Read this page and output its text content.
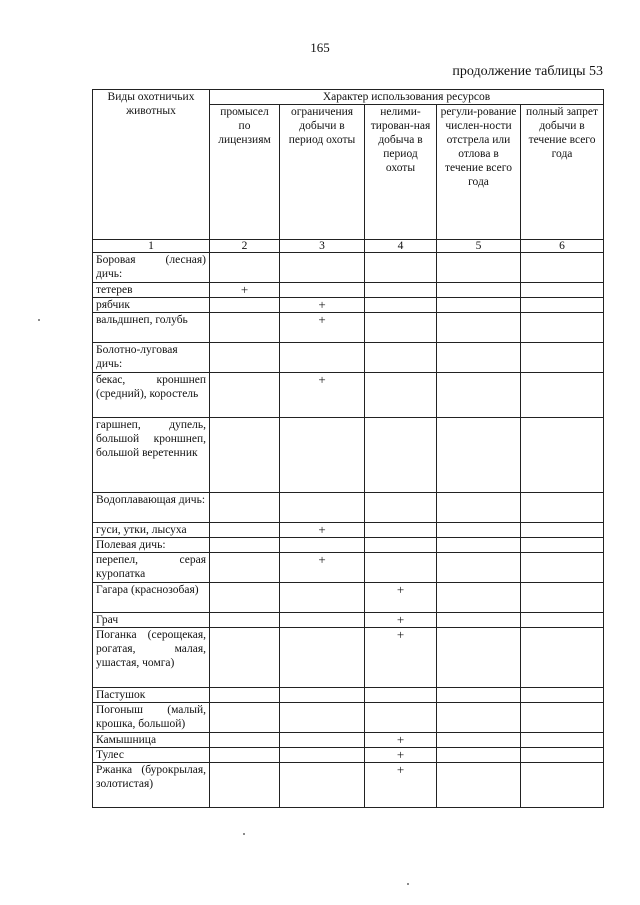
165
продолжение таблицы 53
Виды охотничьих животных	Характер использования ресурсов				
	промысел по лицензиям	ограничения добычи в период охоты	нелими-тирован-ная добыча в период охоты	регули-рование числен-ности отстрела или отлова в течение всего года	полный запрет добычи в течение всего года
1	2	3	4	5	6
Боровая (лесная) дичь:					
тетерев	+				
рябчик		+			
вальдшнеп, голубь		+			
Болотно-луговая дичь:					
бекас, кроншнеп (средний), коростель		+			
гаршнеп, дупель, большой кроншнеп, большой веретенник					
Водоплавающая дичь:					
гуси, утки, лысуха		+			
Полевая дичь:					
перепел, серая куропатка		+			
Гагара (краснозобая)			+		
Грач			+		
Поганка (серощекая, рогатая, малая, ушастая, чомга)			+		
Пастушок					
Погоныш (малый, крошка, большой)					
Камышница			+		
Тулес			+		
Ржанка (бурокрылая, золотистая)			+		
